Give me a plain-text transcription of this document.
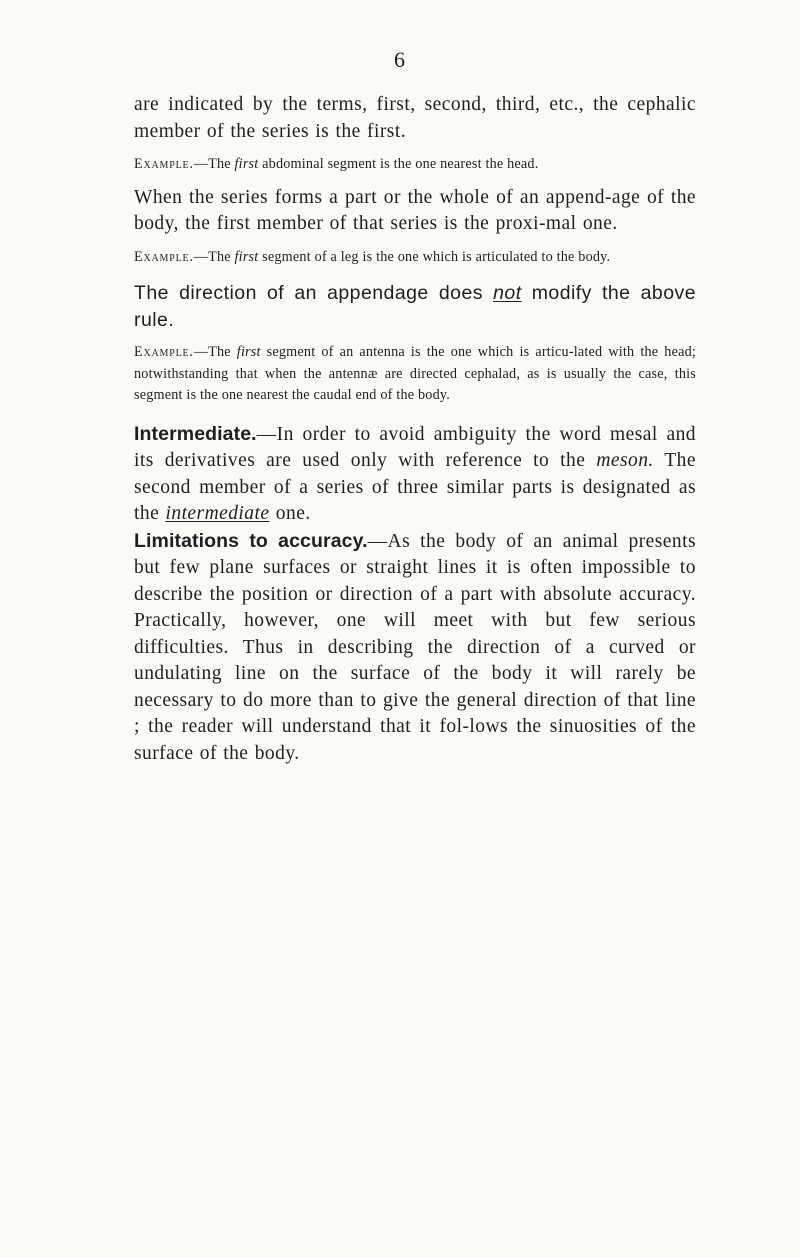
6

are indicated by the terms, first, second, third, etc., the cephalic member of the series is the first.

Example.—The first abdominal segment is the one nearest the head.

When the series forms a part or the whole of an append-age of the body, the first member of that series is the proxi-mal one.

Example.—The first segment of a leg is the one which is articulated to the body.

The direction of an appendage does not modify the above rule.

Example.—The first segment of an antenna is the one which is articu-lated with the head; notwithstanding that when the antennæ are directed cephalad, as is usually the case, this segment is the one nearest the caudal end of the body.

Intermediate.—In order to avoid ambiguity the word mesal and its derivatives are used only with reference to the meson. The second member of a series of three similar parts is designated as the intermediate one.

Limitations to accuracy.—As the body of an animal presents but few plane surfaces or straight lines it is often impossible to describe the position or direction of a part with absolute accuracy. Practically, however, one will meet with but few serious difficulties. Thus in describing the direction of a curved or undulating line on the surface of the body it will rarely be necessary to do more than to give the general direction of that line ; the reader will understand that it fol-lows the sinuosities of the surface of the body.
